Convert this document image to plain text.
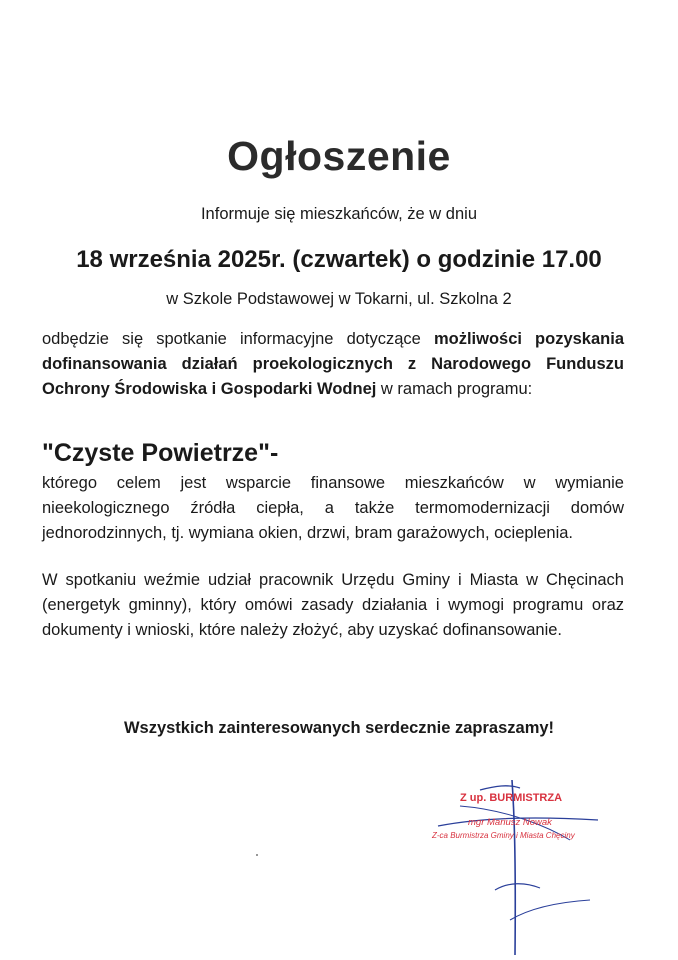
Ogłoszenie
Informuje się mieszkańców, że w dniu
18 września 2025r. (czwartek) o godzinie 17.00
w Szkole Podstawowej w Tokarni, ul. Szkolna 2
odbędzie się spotkanie informacyjne dotyczące możliwości pozyskania dofinansowania działań proekologicznych z Narodowego Funduszu Ochrony Środowiska i Gospodarki Wodnej w ramach programu:
"Czyste Powietrze"-
którego celem jest wsparcie finansowe mieszkańców w wymianie nieekologicznego źródła ciepła, a także termomodernizacji domów jednorodzinnych, tj. wymiana okien, drzwi, bram garażowych, ocieplenia.
W spotkaniu weźmie udział pracownik Urzędu Gminy i Miasta w Chęcinach (energetyk gminny), który omówi zasady działania i wymogi programu oraz dokumenty i wnioski, które należy złożyć, aby uzyskać dofinansowanie.
Wszystkich zainteresowanych serdecznie zapraszamy!
Z up. BURMISTRZA
mgr Mariusz Nowak
Z-ca Burmistrza Gminy i Miasta Chęciny
